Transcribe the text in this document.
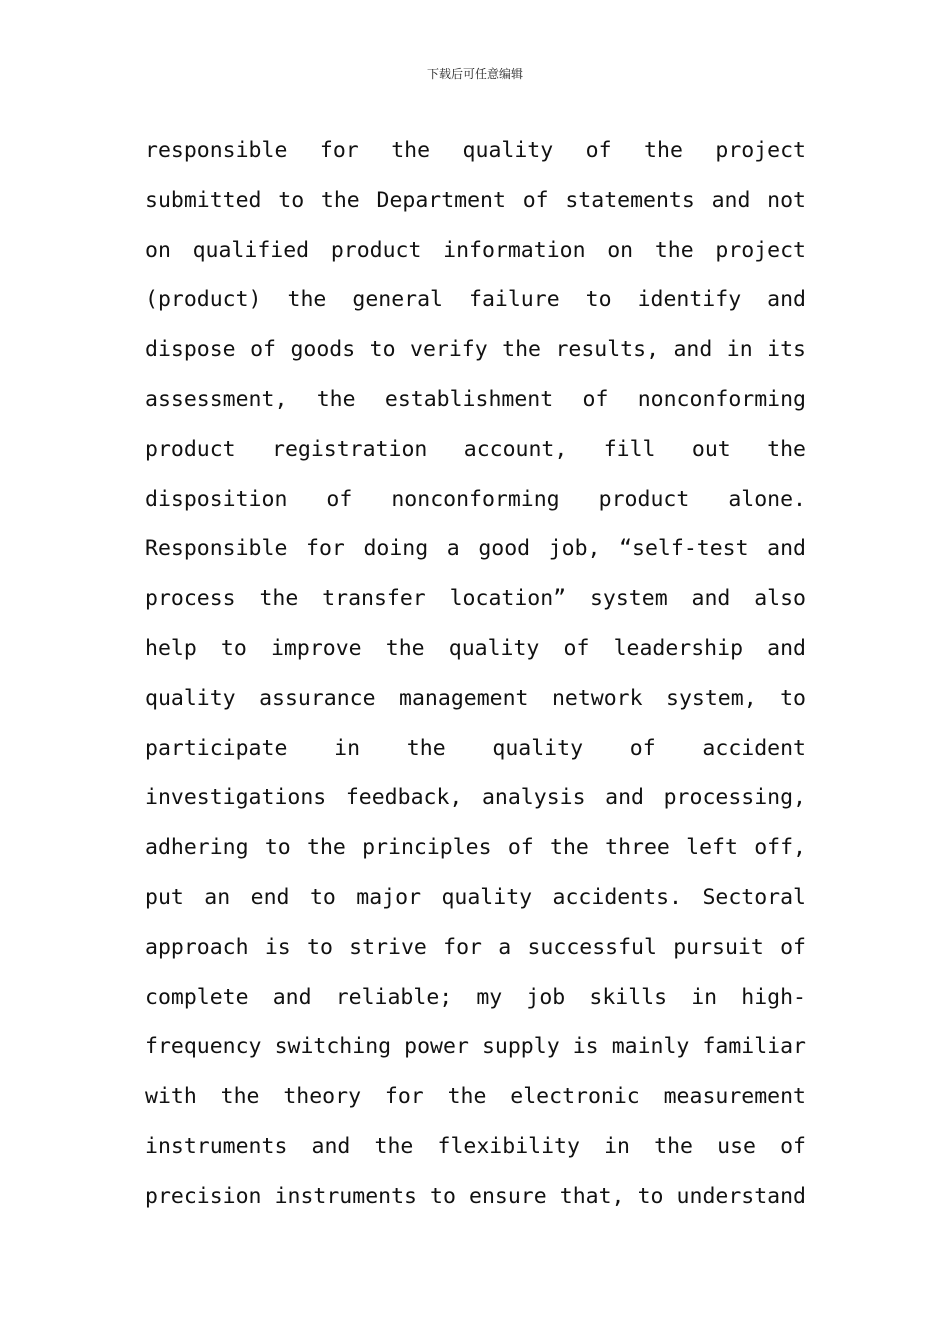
下载后可任意编辑
responsible for the quality of the project
submitted to the Department of statements and not
on qualified product information on the project
(product) the general failure to identify and
dispose of goods to verify the results, and in its
assessment, the establishment of nonconforming
product registration account, fill out the
disposition of nonconforming product alone.
Responsible for doing a good job, “self-test and
process the transfer location” system and also
help to improve the quality of leadership and
quality assurance management network system, to
participate in the quality of accident
investigations feedback, analysis and processing,
adhering to the principles of the three left off,
put an end to major quality accidents. Sectoral
approach is to strive for a successful pursuit of
complete and reliable; my job skills in high-
frequency switching power supply is mainly familiar
with the theory for the electronic measurement
instruments and the flexibility in the use of
precision instruments to ensure that, to understand
